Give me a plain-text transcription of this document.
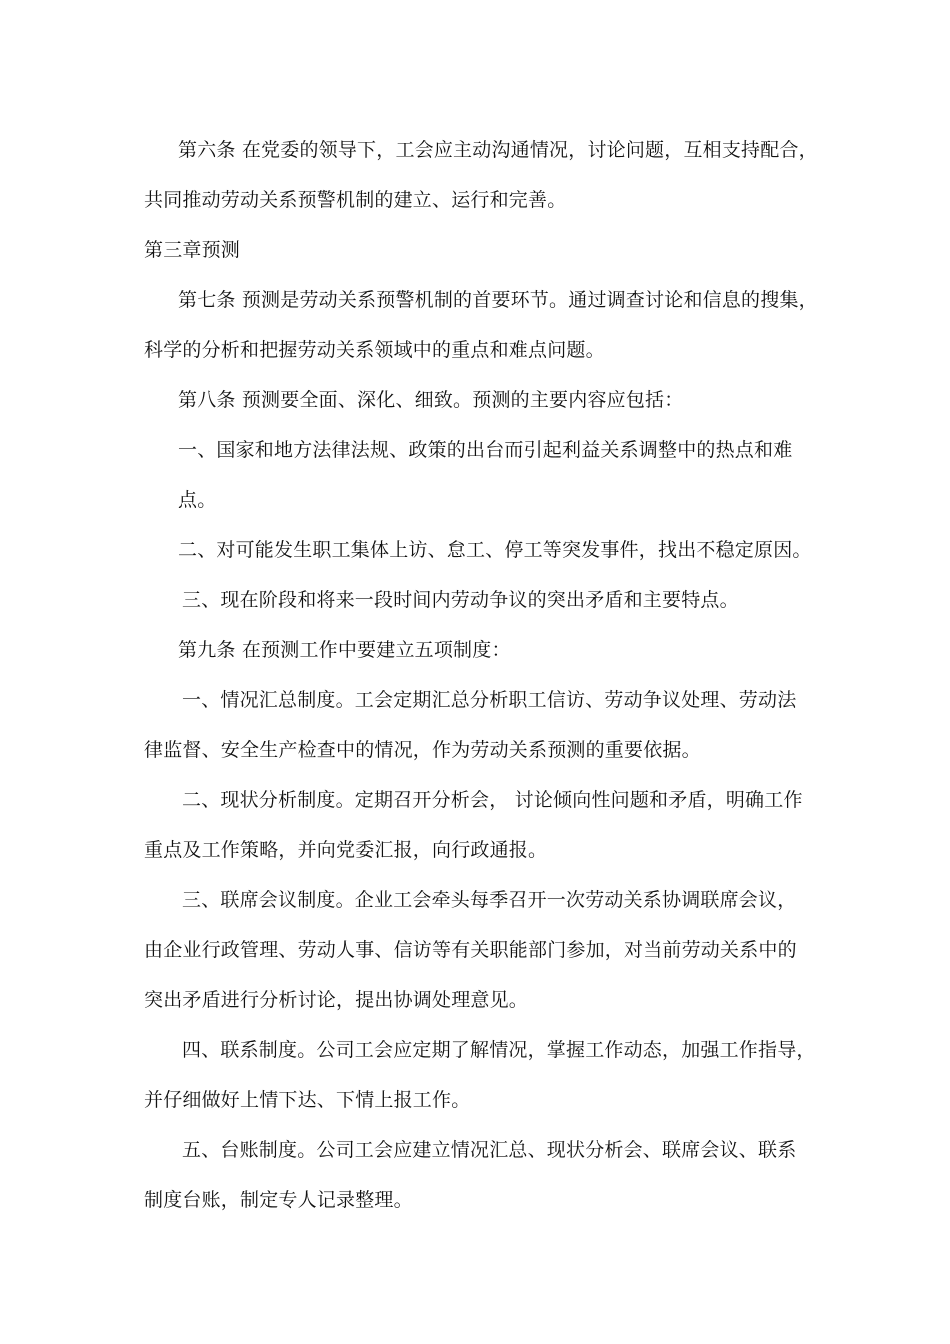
第六条 在党委的领导下，工会应主动沟通情况，讨论问题，互相支持配合，
共同推动劳动关系预警机制的建立、运行和完善。
第三章预测
第七条 预测是劳动关系预警机制的首要环节。通过调查讨论和信息的搜集，
科学的分析和把握劳动关系领域中的重点和难点问题。
第八条 预测要全面、深化、细致。预测的主要内容应包括：
一、国家和地方法律法规、政策的出台而引起利益关系调整中的热点和难
点。
二、对可能发生职工集体上访、怠工、停工等突发事件，找出不稳定原因。
三、现在阶段和将来一段时间内劳动争议的突出矛盾和主要特点。
第九条 在预测工作中要建立五项制度：
一、情况汇总制度。工会定期汇总分析职工信访、劳动争议处理、劳动法
律监督、安全生产检查中的情况，作为劳动关系预测的重要依据。
二、现状分析制度。定期召开分析会， 讨论倾向性问题和矛盾，明确工作
重点及工作策略，并向党委汇报，向行政通报。
三、联席会议制度。企业工会牵头每季召开一次劳动关系协调联席会议，
由企业行政管理、劳动人事、信访等有关职能部门参加，对当前劳动关系中的
突出矛盾进行分析讨论，提出协调处理意见。
四、联系制度。公司工会应定期了解情况，掌握工作动态，加强工作指导，
并仔细做好上情下达、下情上报工作。
五、台账制度。公司工会应建立情况汇总、现状分析会、联席会议、联系
制度台账，制定专人记录整理。
